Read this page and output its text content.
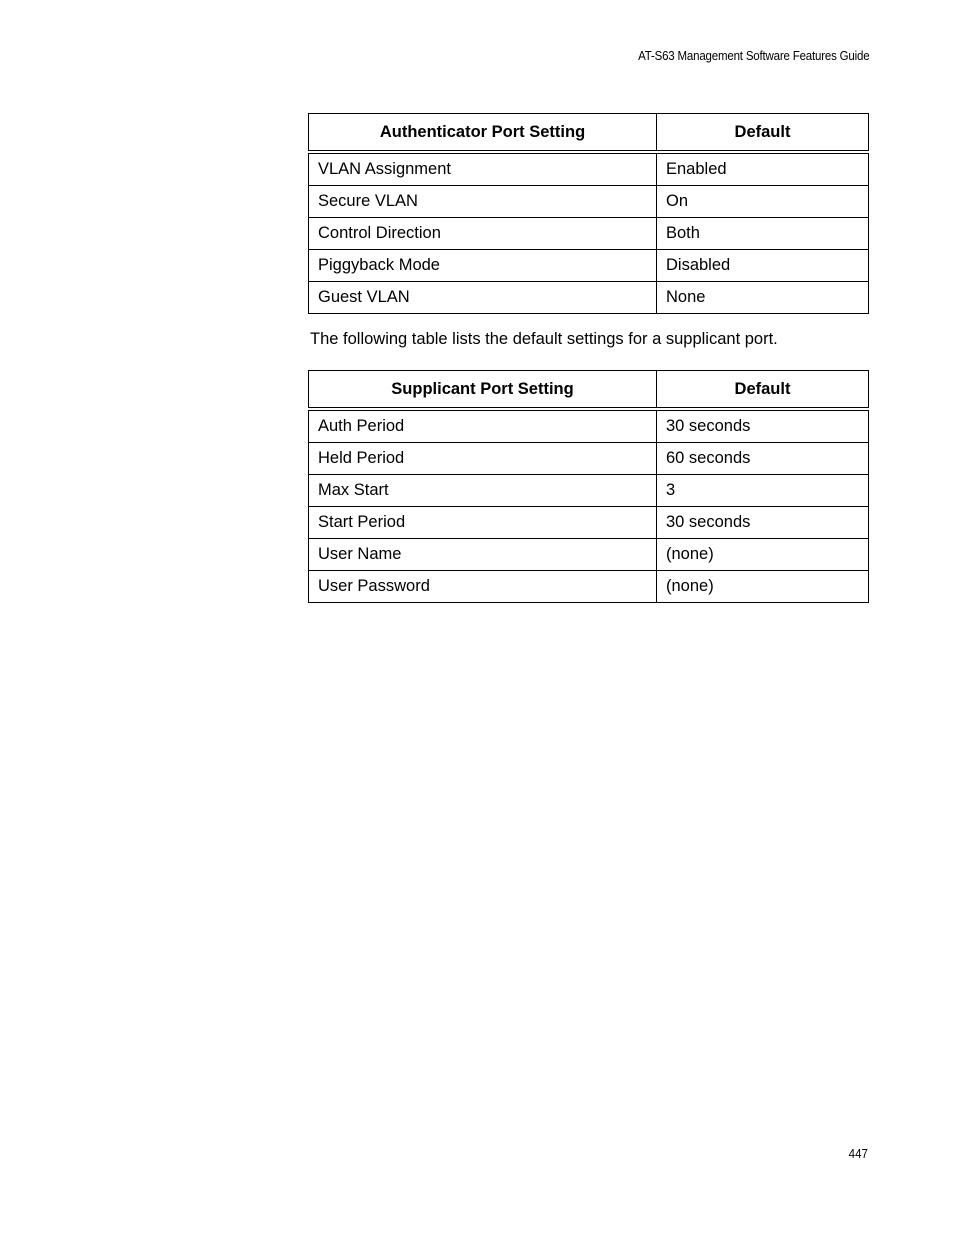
AT-S63 Management Software Features Guide
Authenticator Port Setting	Default
VLAN Assignment	Enabled
Secure VLAN	On
Control Direction	Both
Piggyback Mode	Disabled
Guest VLAN	None

The following table lists the default settings for a supplicant port.

Supplicant Port Setting	Default
Auth Period	30 seconds
Held Period	60 seconds
Max Start	3
Start Period	30 seconds
User Name	(none)
User Password	(none)
447
